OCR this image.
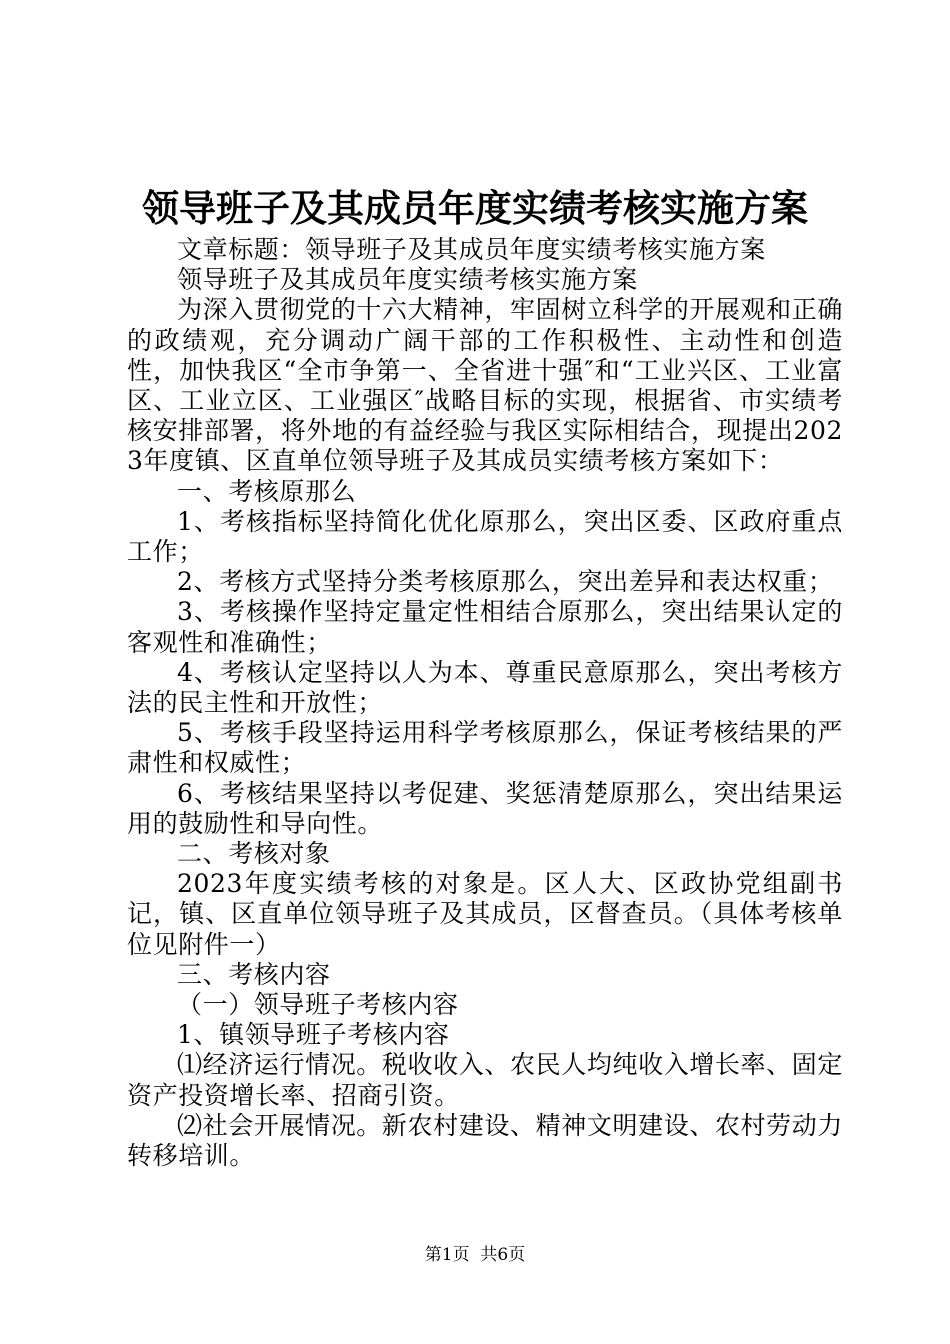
领导班子及其成员年度实绩考核实施方案

文章标题：领导班子及其成员年度实绩考核实施方案

领导班子及其成员年度实绩考核实施方案

为深入贯彻党的十六大精神，牢固树立科学的开展观和正确的政绩观，充分调动广阔干部的工作积极性、主动性和创造性，加快我区“全市争第一、全省进十强″和“工业兴区、工业富区、工业立区、工业强区″战略目标的实现，根据省、市实绩考核安排部署，将外地的有益经验与我区实际相结合，现提出2023年度镇、区直单位领导班子及其成员实绩考核方案如下：

一、考核原那么

1、考核指标坚持简化优化原那么，突出区委、区政府重点工作；

2、考核方式坚持分类考核原那么，突出差异和表达权重；

3、考核操作坚持定量定性相结合原那么，突出结果认定的客观性和准确性；

4、考核认定坚持以人为本、尊重民意原那么，突出考核方法的民主性和开放性；

5、考核手段坚持运用科学考核原那么，保证考核结果的严肃性和权威性；

6、考核结果坚持以考促建、奖惩清楚原那么，突出结果运用的鼓励性和导向性。

二、考核对象

2023年度实绩考核的对象是。区人大、区政协党组副书记，镇、区直单位领导班子及其成员，区督查员。（具体考核单位见附件一）

三、考核内容

（一）领导班子考核内容

1、镇领导班子考核内容

⑴经济运行情况。税收收入、农民人均纯收入增长率、固定资产投资增长率、招商引资。

⑵社会开展情况。新农村建设、精神文明建设、农村劳动力转移培训。

第1页 共6页
